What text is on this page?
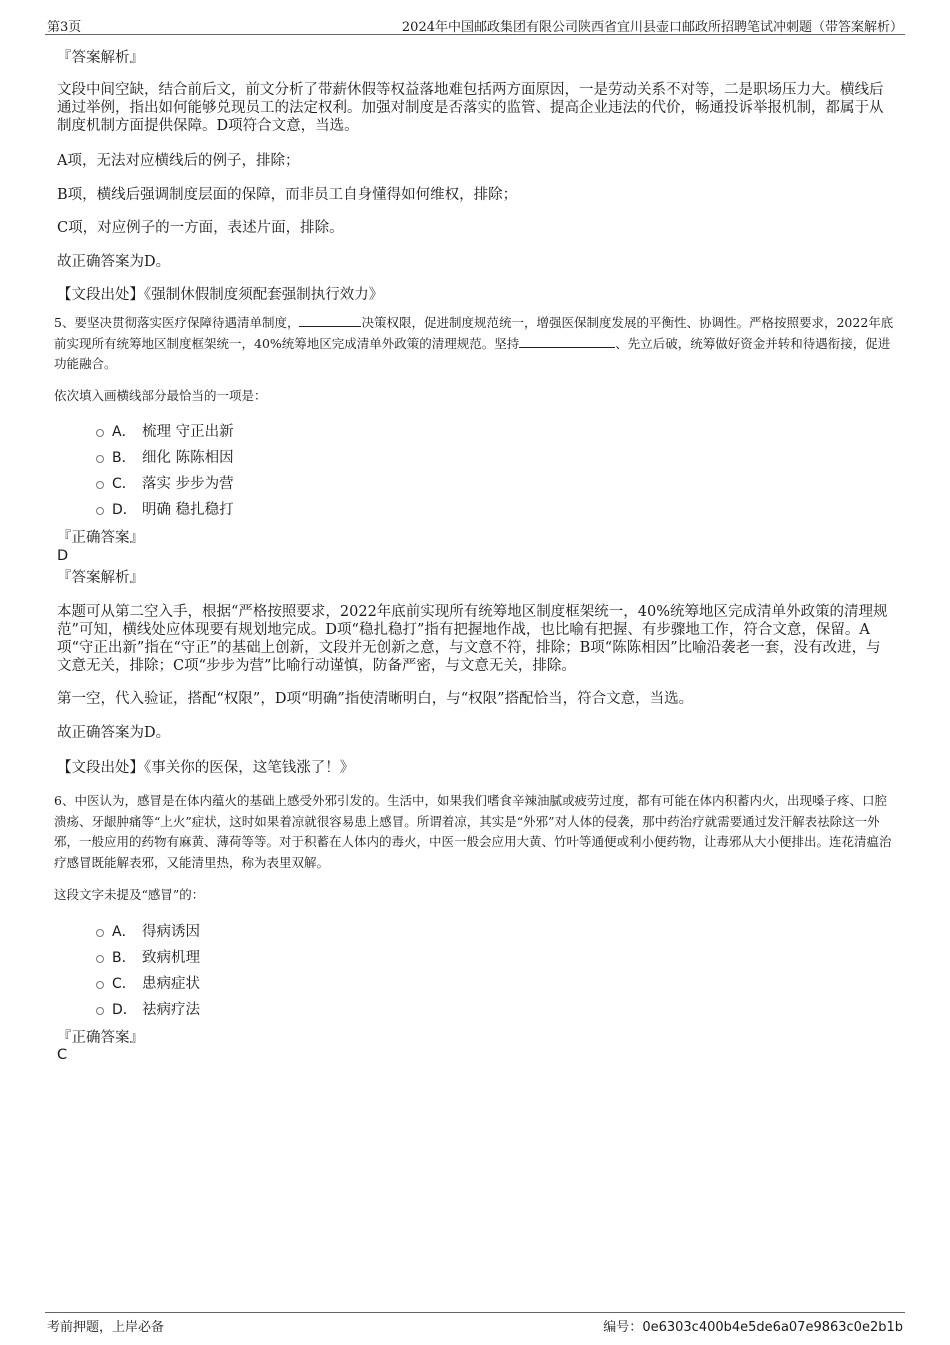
第3页	2024年中国邮政集团有限公司陕西省宜川县壶口邮政所招聘笔试冲刺题（带答案解析）
『答案解析』

文段中间空缺，结合前后文，前文分析了带薪休假等权益落地难包括两方面原因，一是劳动关系不对等，二是职场压力大。横线后通过举例，指出如何能够兑现员工的法定权利。加强对制度是否落实的监管、提高企业违法的代价，畅通投诉举报机制，都属于从制度机制方面提供保障。D项符合文意，当选。

A项，无法对应横线后的例子，排除；

B项，横线后强调制度层面的保障，而非员工自身懂得如何维权，排除；

C项，对应例子的一方面，表述片面，排除。

故正确答案为D。

【文段出处】《强制休假制度须配套强制执行效力》

5、要坚决贯彻落实医疗保障待遇清单制度，	决策权限，促进制度规范统一，增强医保制度发展的平衡性、协调性。严格按照要求，2022年底前实现所有统筹地区制度框架统一，40%统筹地区完成清单外政策的清理规范。坚持	、先立后破，统筹做好资金并转和待遇衔接，促进功能融合。

依次填入画横线部分最恰当的一项是：

A． 梳理 守正出新
B． 细化 陈陈相因
C． 落实 步步为营
D． 明确 稳扎稳打
『正确答案』
D
『答案解析』

本题可从第二空入手，根据“严格按照要求，2022年底前实现所有统筹地区制度框架统一，40%统筹地区完成清单外政策的清理规范”可知，横线处应体现要有规划地完成。D项“稳扎稳打”指有把握地作战，也比喻有把握、有步骤地工作，符合文意，保留。A项“守正出新”指在“守正”的基础上创新，文段并无创新之意，与文意不符，排除；B项“陈陈相因”比喻沿袭老一套，没有改进，与文意无关，排除；C项“步步为营”比喻行动谨慎，防备严密，与文意无关，排除。

第一空，代入验证，搭配“权限”，D项“明确”指使清晰明白，与“权限”搭配恰当，符合文意，当选。

故正确答案为D。

【文段出处】《事关你的医保，这笔钱涨了！》

6、中医认为，感冒是在体内蕴火的基础上感受外邪引发的。生活中，如果我们嗜食辛辣油腻或疲劳过度，都有可能在体内积蓄内火，出现嗓子疼、口腔溃疡、牙龈肿痛等“上火”症状，这时如果着凉就很容易患上感冒。所谓着凉，其实是“外邪”对人体的侵袭，那中药治疗就需要通过发汗解表祛除这一外邪，一般应用的药物有麻黄、薄荷等等。对于积蓄在人体内的毒火，中医一般会应用大黄、竹叶等通便或利小便药物，让毒邪从大小便排出。连花清瘟治疗感冒既能解表邪，又能清里热，称为表里双解。

这段文字未提及“感冒”的：

A． 得病诱因
B． 致病机理
C． 患病症状
D． 祛病疗法
『正确答案』
C
考前押题，上岸必备	编号：0e6303c400b4e5de6a07e9863c0e2b1b
